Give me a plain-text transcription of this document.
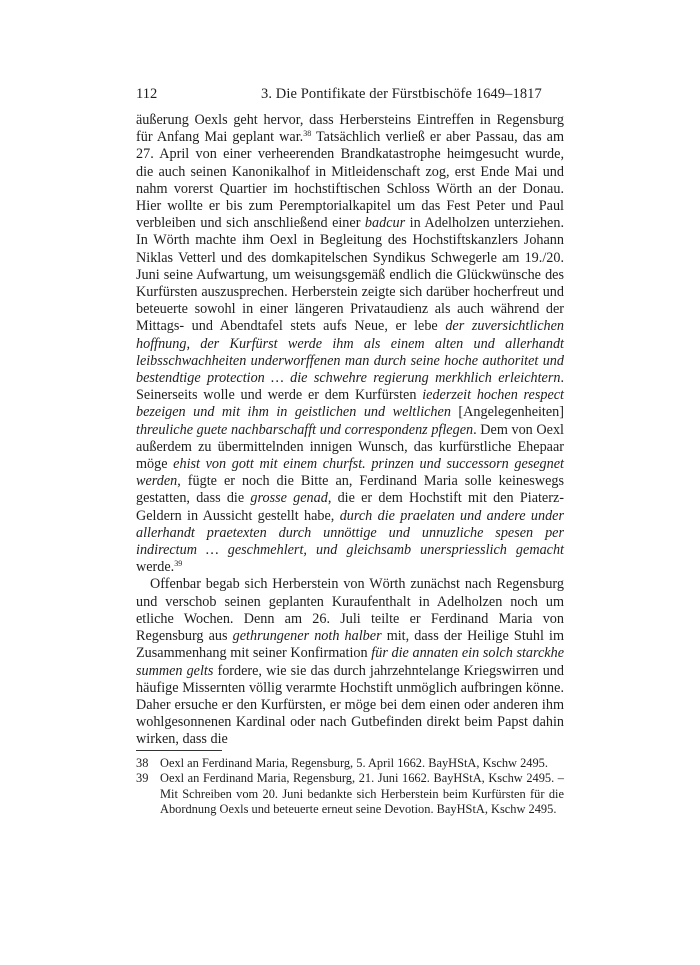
112	3. Die Pontifikate der Fürstbischöfe 1649–1817

äußerung Oexls geht hervor, dass Herbersteins Eintreffen in Regensburg für Anfang Mai geplant war.$^{38}$ Tatsächlich verließ er aber Passau, das am 27. April von einer verheerenden Brandkatastrophe heimgesucht wurde, die auch seinen Kanonikalhof in Mitleidenschaft zog, erst Ende Mai und nahm vorerst Quartier im hochstiftischen Schloss Wörth an der Donau. Hier wollte er bis zum Peremptorialkapitel um das Fest Peter und Paul verbleiben und sich anschließend einer badcur in Adelholzen unterziehen. In Wörth machte ihm Oexl in Begleitung des Hochstiftskanzlers Johann Niklas Vetterl und des domkapitelschen Syndikus Schwegerle am 19./20. Juni seine Aufwartung, um weisungsgemäß endlich die Glückwünsche des Kurfürsten auszusprechen. Herberstein zeigte sich darüber hocherfreut und beteuerte sowohl in einer längeren Privataudienz als auch während der Mittags- und Abendtafel stets aufs Neue, er lebe der zuversichtlichen hoffnung, der Kurfürst werde ihm als einem alten und allerhandt leibsschwachheiten underworffenen man durch seine hoche authoritet und bestendtige protection … die schwehre regierung merkhlich erleichtern. Seinerseits wolle und werde er dem Kurfürsten iederzeit hochen respect bezeigen und mit ihm in geistlichen und weltlichen [Angelegenheiten] threuliche guete nachbarschafft und correspondenz pflegen. Dem von Oexl außerdem zu übermittelnden innigen Wunsch, das kurfürstliche Ehepaar möge ehist von gott mit einem churfst. prinzen und successorn gesegnet werden, fügte er noch die Bitte an, Ferdinand Maria solle keineswegs gestatten, dass die grosse genad, die er dem Hochstift mit den Piaterz-Geldern in Aussicht gestellt habe, durch die praelaten und andere under allerhandt praetexten durch unnöttige und unnuzliche spesen per indirectum … geschmehlert, und gleichsamb unerspriesslich gemacht werde.$^{39}$

Offenbar begab sich Herberstein von Wörth zunächst nach Regensburg und verschob seinen geplanten Kuraufenthalt in Adelholzen noch um etliche Wochen. Denn am 26. Juli teilte er Ferdinand Maria von Regensburg aus gethrungener noth halber mit, dass der Heilige Stuhl im Zusammenhang mit seiner Konfirmation für die annaten ein solch starckhe summen gelts fordere, wie sie das durch jahrzehntelange Kriegswirren und häufige Missernten völlig verarmte Hochstift unmöglich aufbringen könne. Daher ersuche er den Kurfürsten, er möge bei dem einen oder anderen ihm wohlgesonnenen Kardinal oder nach Gutbefinden direkt beim Papst dahin wirken, dass die

38 Oexl an Ferdinand Maria, Regensburg, 5. April 1662. BayHStA, Kschw 2495.
39 Oexl an Ferdinand Maria, Regensburg, 21. Juni 1662. BayHStA, Kschw 2495. – Mit Schreiben vom 20. Juni bedankte sich Herberstein beim Kurfürsten für die Abordnung Oexls und beteuerte erneut seine Devotion. BayHStA, Kschw 2495.
